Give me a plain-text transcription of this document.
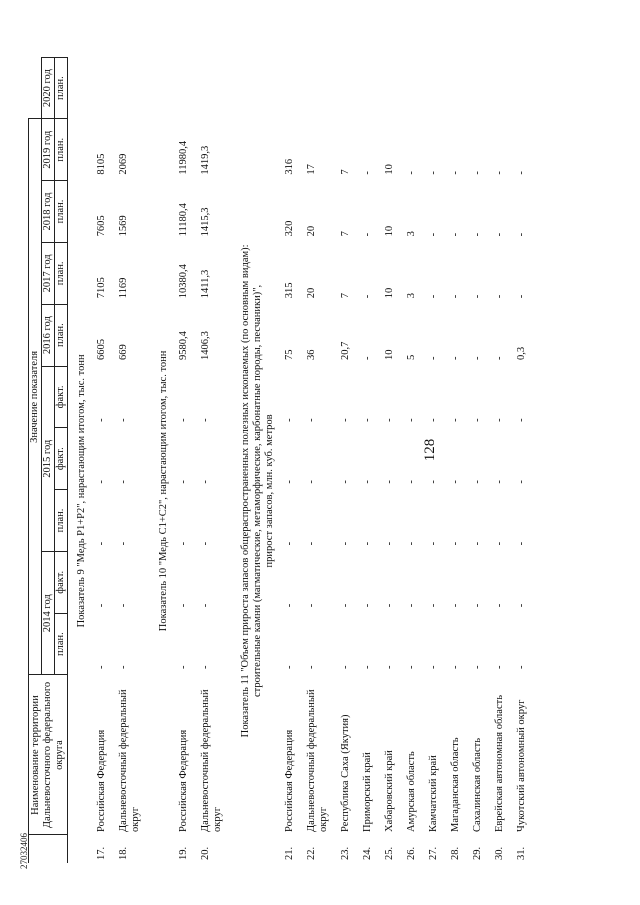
27032406
128
	Наименование территории Дальневосточного федерального округа	Значение показателя									
		2014 год		2015 год			2016 год	2017 год	2018 год	2019 год	2020 год
		план.	факт.	план.	факт.	факт.	план.	план.	план.	план.	план.
Показатель 9 "Медь Р1+Р2", нарастающим итогом, тыс. тонн											
17.	Российская Федерация	-	-	-	-	-	6605	7105	7605	8105	
18.	Дальневосточный федеральный округ	-	-	-	-	-	669	1169	1569	2069	
Показатель 10 "Медь С1+С2", нарастающим итогом, тыс. тонн											
19.	Российская Федерация	-	-	-	-	-	9580,4	10380,4	11180,4	11980,4	
20.	Дальневосточный федеральный округ	-	-	-	-	-	1406,3	1411,3	1415,3	1419,3	

Показатель 11 "Объем прироста запасов общераспространенных полезных ископаемых (по основным видам): строительные камни (магматические, метаморфические, карбонатные породы, песчаники)", прирост запасов, млн. куб. метров											

21.	Российская Федерация	-	-	-	-	-	75	315	320	316	
22.	Дальневосточный федеральный округ	-	-	-	-	-	36	20	20	17	
23.	Республика Саха (Якутия)	-	-	-	-	-	20,7	7	7	7	
24.	Приморский край	-	-	-	-	-	-	-	-	-	
25.	Хабаровский край	-	-	-	-	-	10	10	10	10	
26.	Амурская область	-	-	-	-	-	5	3	3	-	
27.	Камчатский край	-	-	-	-	-	-	-	-	-	
28.	Магаданская область	-	-	-	-	-	-	-	-	-	
29.	Сахалинская область	-	-	-	-	-	-	-	-	-	
30.	Еврейская автономная область	-	-	-	-	-	-	-	-	-	
31.	Чукотский автономный округ	-	-	-	-	-	0,3	-	-	-	
